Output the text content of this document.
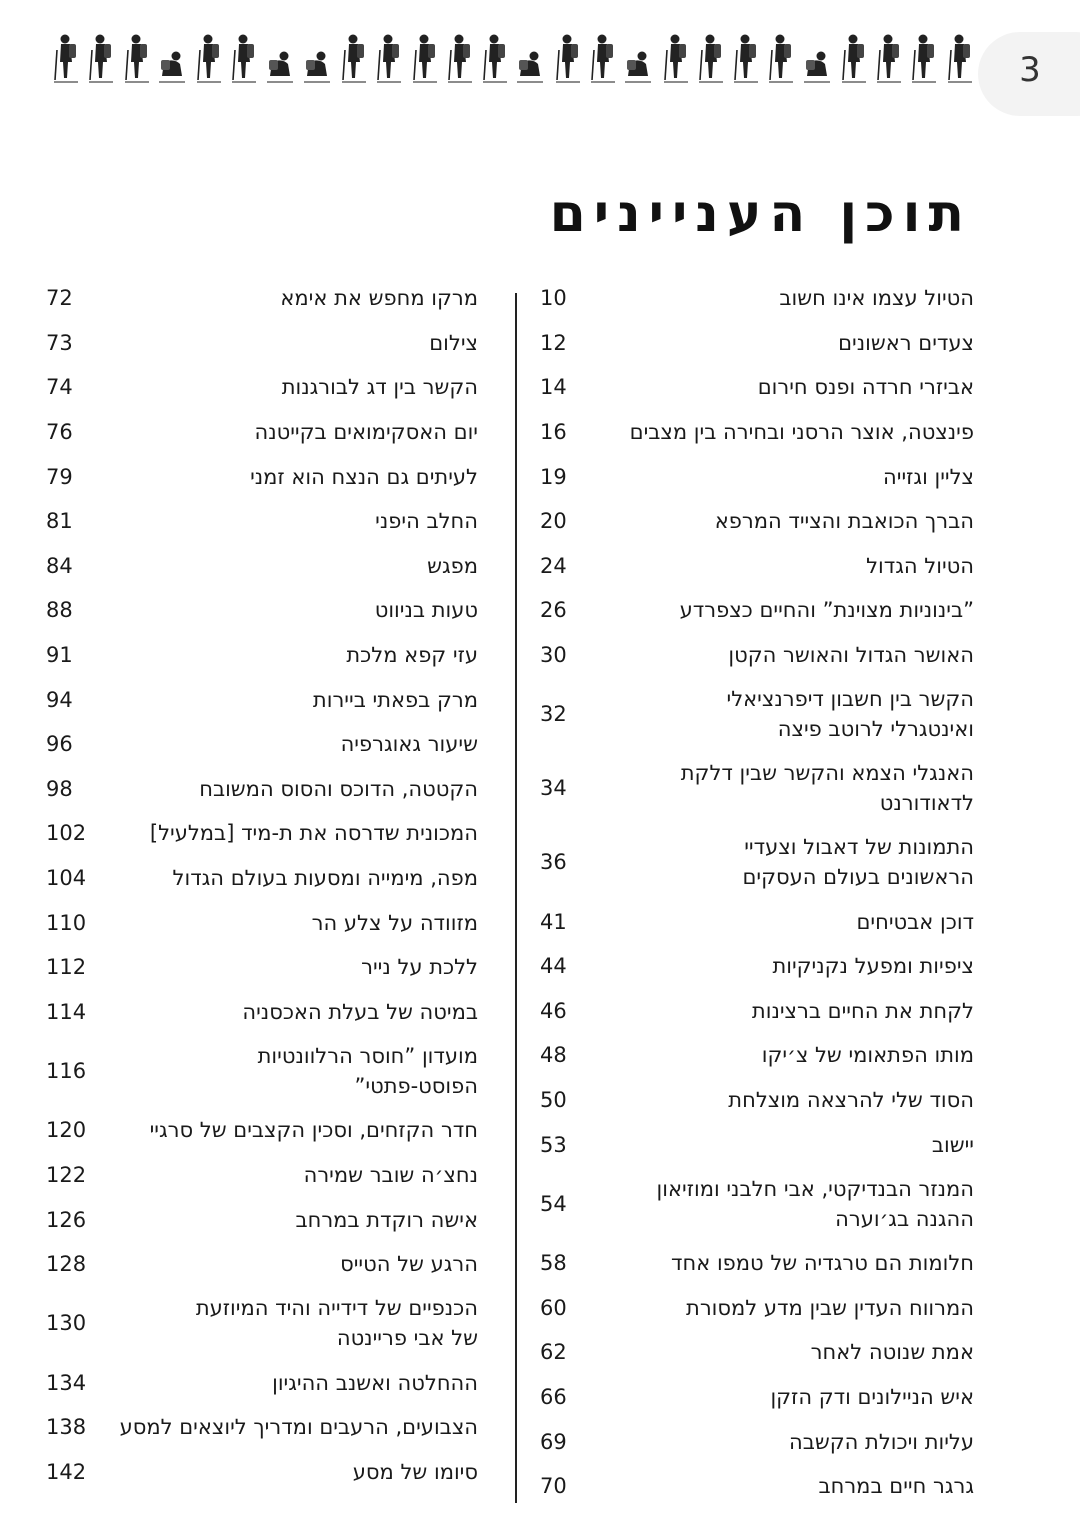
3
תוכן העניינים
הטיול עצמו אינו חשוב
10
צעדים ראשונים
12
אביזרי חרדה ופנס חירום
14
פינצטה, אוצר הרסני ובחירה בין מצבים
16
צליין וגזייה
19
הברך הכואבת והצייד המרפא
20
הטיול הגדול
24
”בינוניות מצוינת” והחיים כצפרדע
26
האושר הגדול והאושר הקטן
30
הקשר בין חשבון דיפרנציאלי
ואינטגרלי לרוטב פיצה
32
האנגלי הצמא והקשר שבין דלקת
לדאודורנט
34
התמונות של דאבול וצעדיי
הראשונים בעולם העסקים
36
דוכן אבטיחים
41
ציפיות ומפעל נקניקיות
44
לקחת את החיים ברצינות
46
מותו הפתאומי של צ׳יקו
48
הסוד שלי להרצאה מוצלחת
50
יישוב
53
המנזר הבנדיקטי, אבי חלבני ומוזיאון
ההגנה בג׳וערה
54
חלומות הם טרגדיה של טמפו אחד
58
המרווח העדין שבין מדע למסורת
60
אמת שנוטה לאחר
62
איש הניילונים ודק הזקן
66
עליות ויכולת הקשבה
69
גרגר חיים במרחב
70
מרקו מחפש את אימא
72
צילום
73
הקשר בין דג לבורגנות
74
יום האסקימואים בקייטנה
76
לעיתים גם הנצח הוא זמני
79
החלב היפני
81
מפגש
84
טעות בניווט
88
עזי קפא מלכת
91
מרק בפאתי ביירות
94
שיעור גאוגרפיה
96
הקטטה, הדוכס והסוס המשובח
98
המכונית שדרסה את ת-מיד [במלעיל]
102
מפה, מימייה ומסעות בעולם הגדול
104
מזוודה על צלע הר
110
ללכת על נייר
112
במיטה של בעלת האכסניה
114
מועדון ”חוסר הרלוונטיות
הפוסט-פתטי”
116
חדר הקזחים, וסכין הקצבים של סרגיי
120
נחצ׳ה שובר שמירה
122
אישה רוקדת במרחב
126
הרגע של הטייס
128
הכנפיים של דידייה והיד המיוזעת
של אבי פריינטה
130
ההחלטה ואשנב ההיגיון
134
הצבועים, הרעבים ומדריך ליוצאים למסע
138
סיומו של מסע
142
